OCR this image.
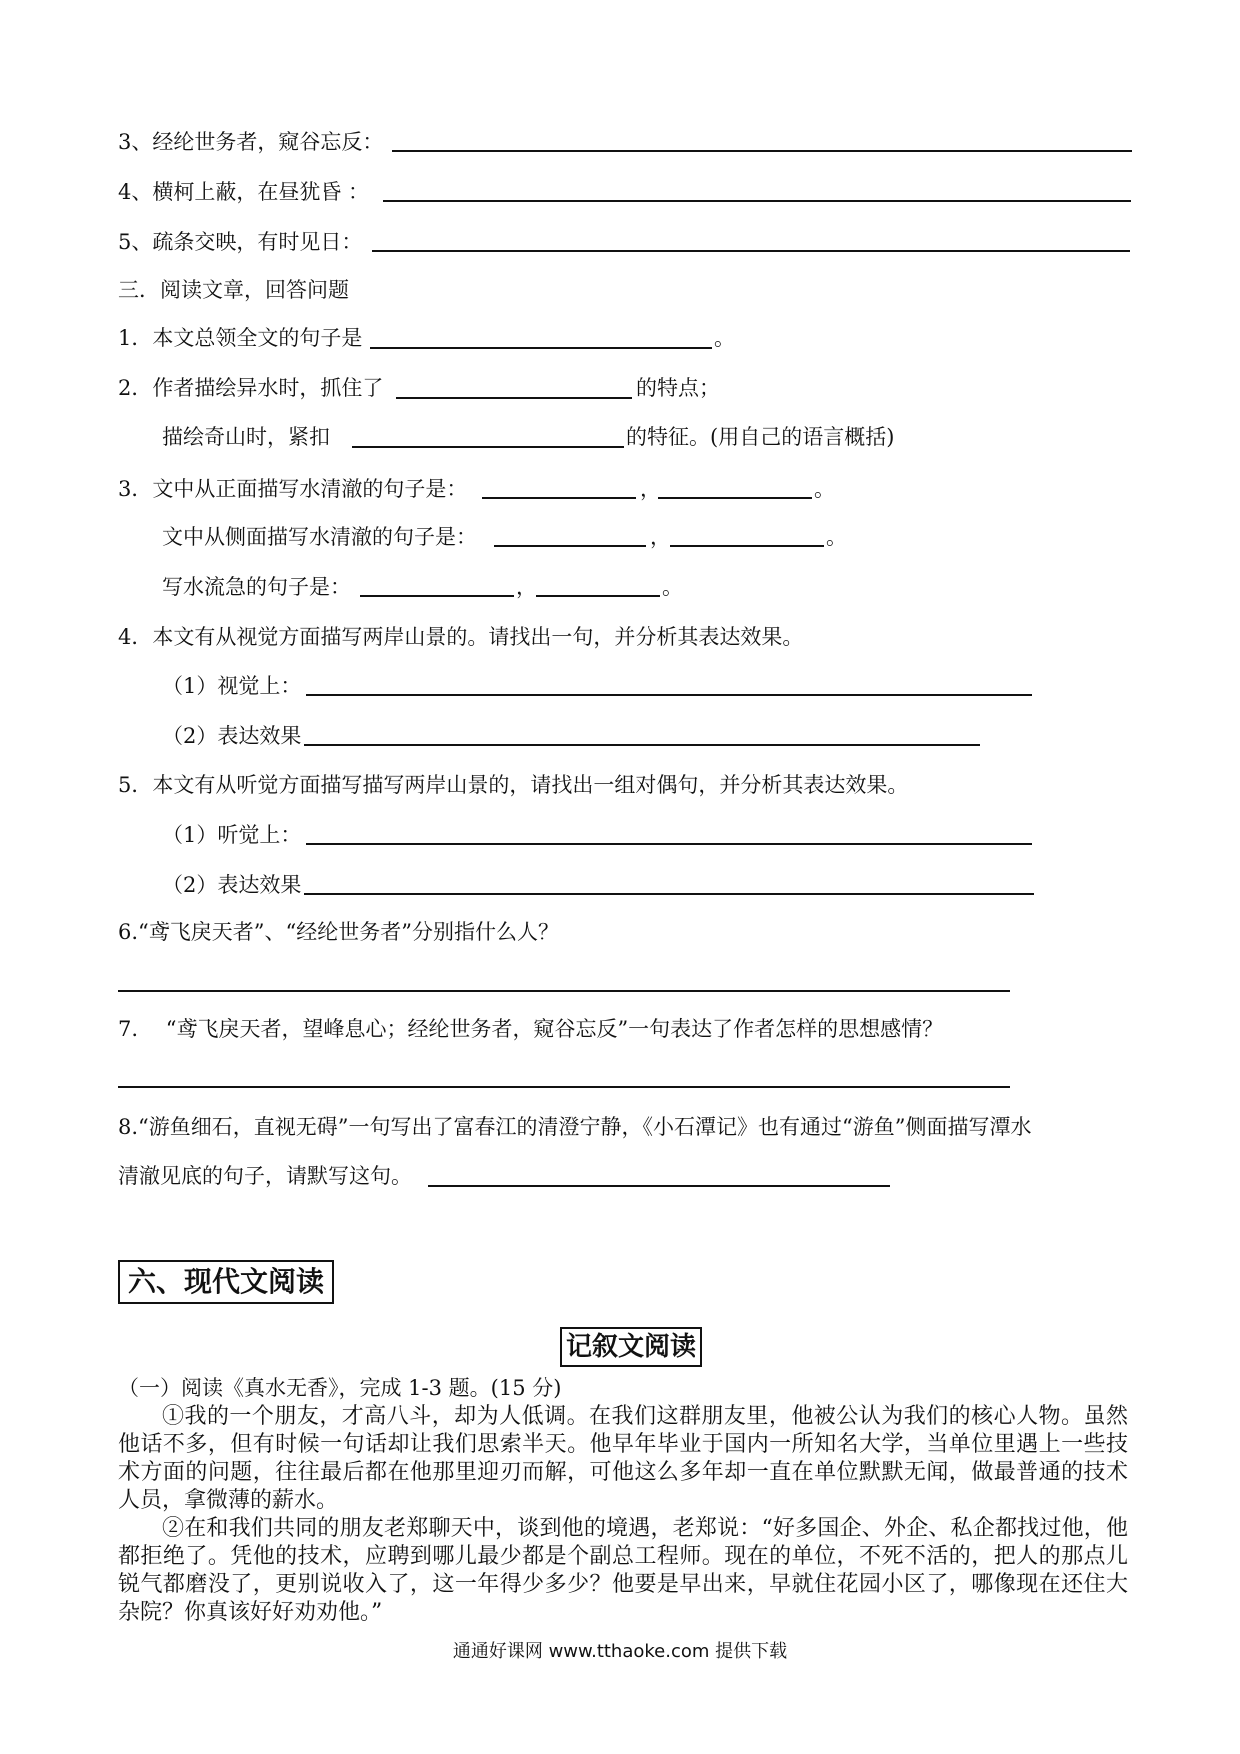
3、经纶世务者，窥谷忘反：
4、横柯上蔽，在昼犹昏 ：
5、疏条交映，有时见日：
三．阅读文章，回答问题
1．本文总领全文的句子是	。
2．作者描绘异水时，抓住了	的特点；
描绘奇山时，紧扣	的特征。(用自己的语言概括)
3．文中从正面描写水清澈的句子是：	，	。
文中从侧面描写水清澈的句子是：	，	。
写水流急的句子是：	，	。
4．本文有从视觉方面描写两岸山景的。请找出一句，并分析其表达效果。
（1）视觉上：
（2）表达效果
5．本文有从听觉方面描写描写两岸山景的，请找出一组对偶句，并分析其表达效果。
（1）听觉上：
（2）表达效果
6.“鸢飞戾天者”、“经纶世务者”分别指什么人？
7.　 “鸢飞戾天者，望峰息心；经纶世务者，窥谷忘反”一句表达了作者怎样的思想感情？
8.“游鱼细石，直视无碍”一句写出了富春江的清澄宁静，《小石潭记》也有通过“游鱼”侧面描写潭水
清澈见底的句子，请默写这句。
六、现代文阅读
记叙文阅读
（一）阅读《真水无香》，完成 1-3 题。(15 分)

①我的一个朋友，才高八斗，却为人低调。在我们这群朋友里，他被公认为我们的核心人物。虽然他话不多，但有时候一句话却让我们思索半天。他早年毕业于国内一所知名大学，当单位里遇上一些技术方面的问题，往往最后都在他那里迎刃而解，可他这么多年却一直在单位默默无闻，做最普通的技术人员，拿微薄的薪水。

②在和我们共同的朋友老郑聊天中，谈到他的境遇，老郑说：“好多国企、外企、私企都找过他，他都拒绝了。凭他的技术，应聘到哪儿最少都是个副总工程师。现在的单位，不死不活的，把人的那点儿锐气都磨没了，更别说收入了，这一年得少多少？他要是早出来，早就住花园小区了，哪像现在还住大杂院？你真该好好劝劝他。”

通通好课网 www.tthaoke.com 提供下载
